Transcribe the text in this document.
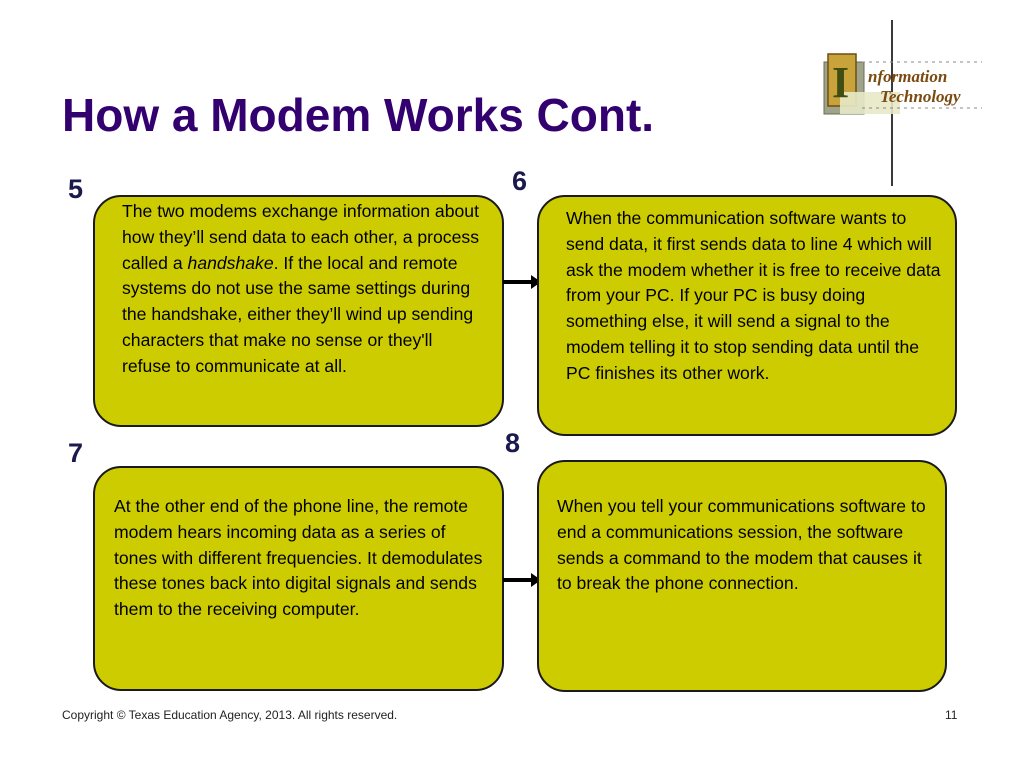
How a Modem Works Cont.
I nformation
Technology
5

The two modems exchange information about how they’ll send data to each other, a process called a handshake. If the local and remote systems do not use the same settings during the handshake, either they’ll wind up sending characters that make no sense or they'll refuse to communicate at all.

6

When the communication software wants to send data, it first sends data to line 4 which will ask the modem whether it is free to receive data from your PC. If your PC is busy doing something else, it will send a signal to the modem telling it to stop sending data until the PC finishes its other work.

7

At the other end of the phone line, the remote modem hears incoming data as a series of tones with different frequencies. It demodulates these tones back into digital signals and sends them to the receiving computer.

8

When you tell your communications software to end a communications session, the software sends a command to the modem that causes it to break the phone connection.

Copyright © Texas Education Agency, 2013. All rights reserved.	11
